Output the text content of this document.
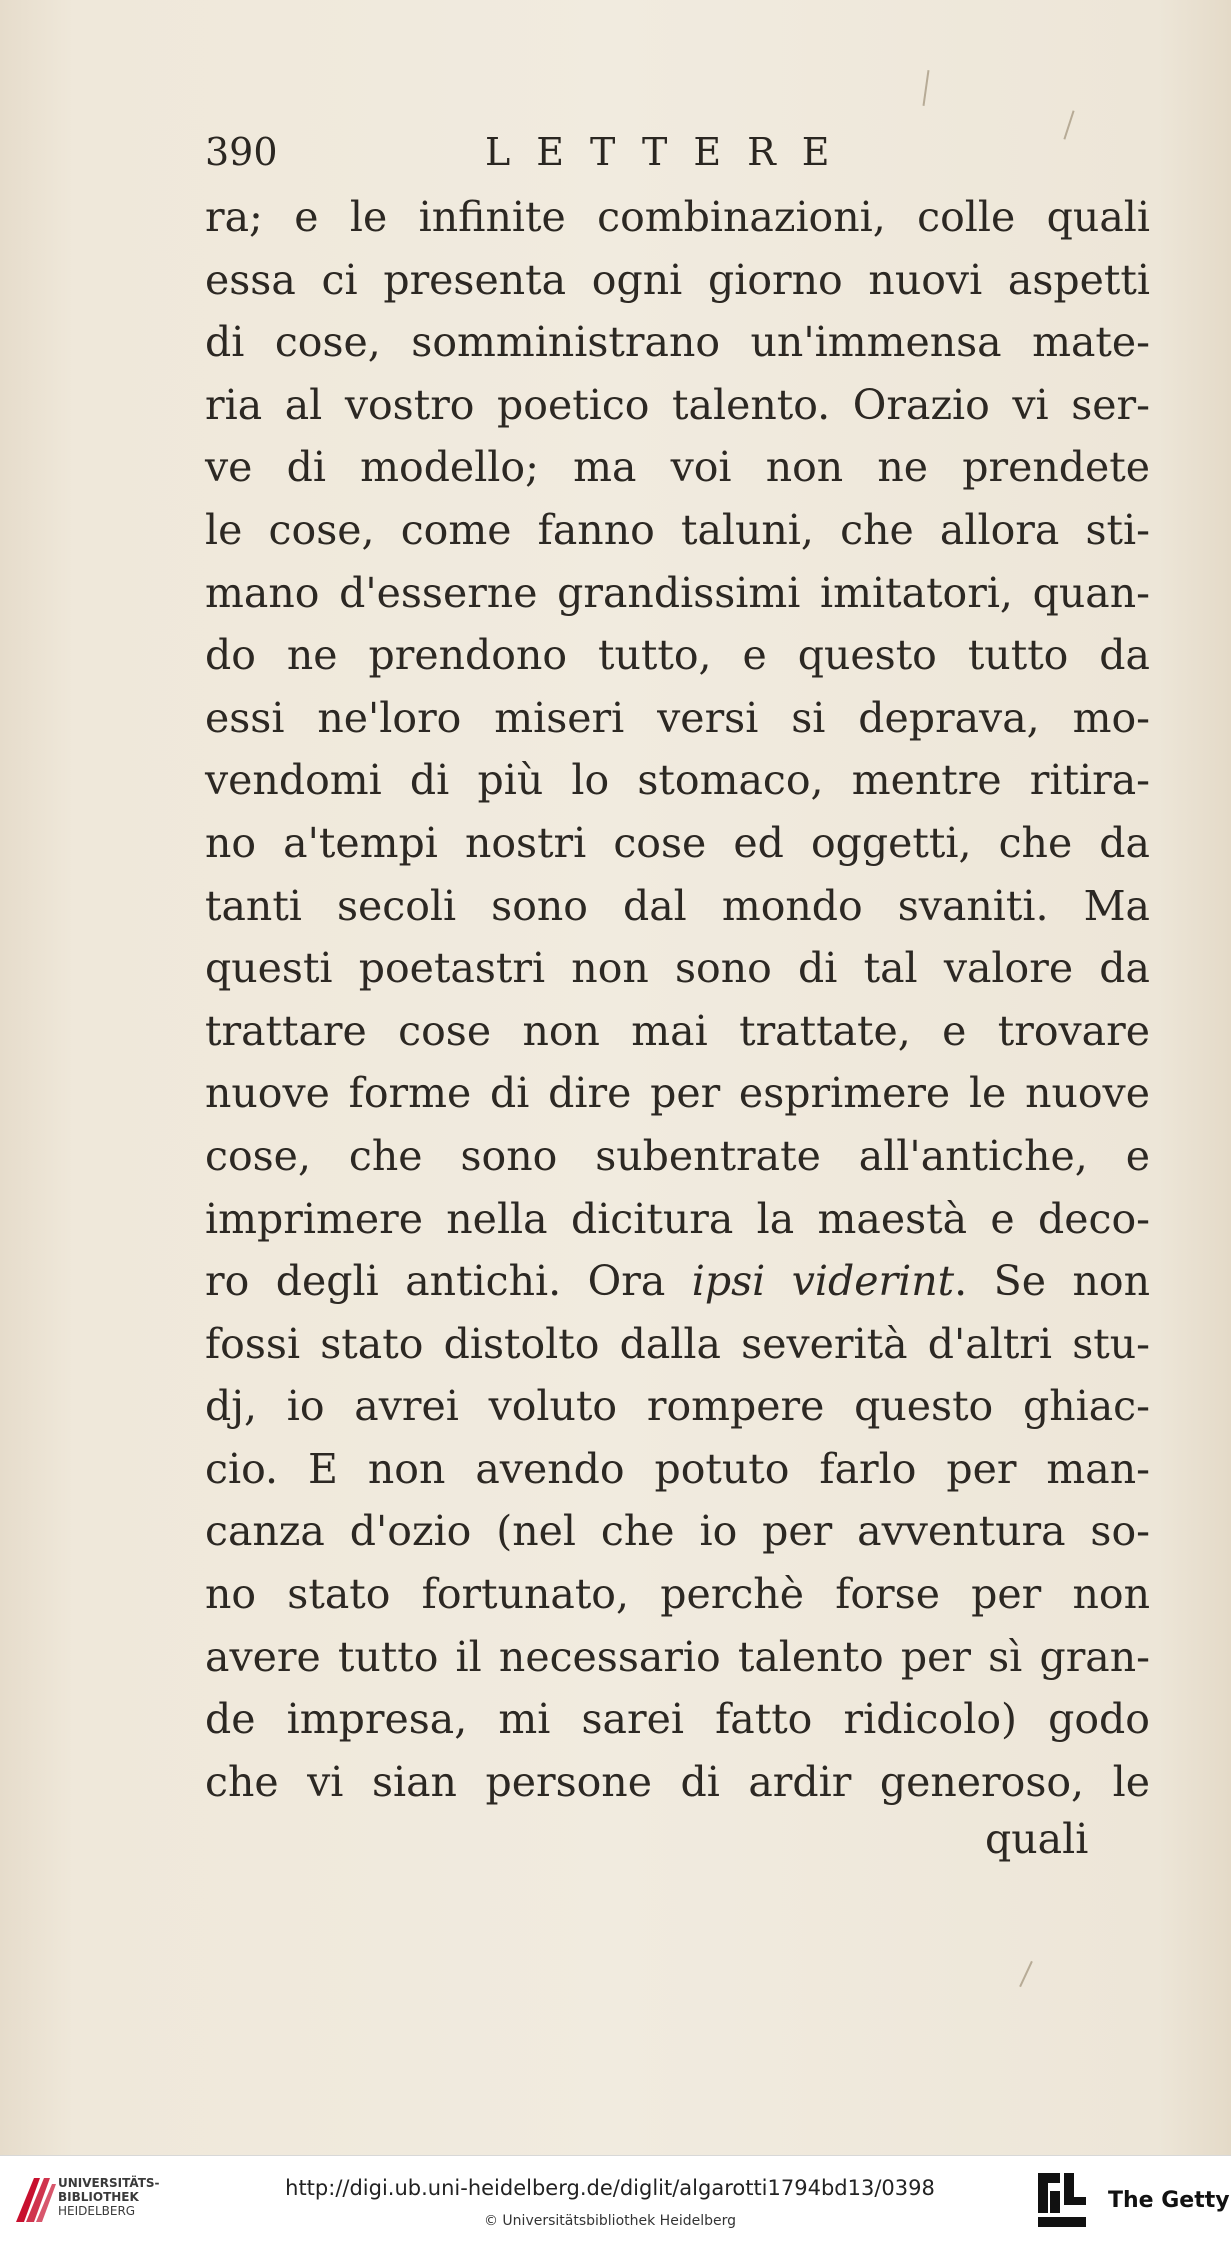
390	LETTERE
ra; e le infinite combinazioni, colle quali
essa ci presenta ogni giorno nuovi aspetti
di cose, somministrano un'immensa mate-
ria al vostro poetico talento. Orazio vi ser-
ve di modello; ma voi non ne prendete
le cose, come fanno taluni, che allora sti-
mano d'esserne grandissimi imitatori, quan-
do ne prendono tutto, e questo tutto da
essi ne'loro miseri versi si deprava, mo-
vendomi di più lo stomaco, mentre ritira-
no a'tempi nostri cose ed oggetti, che da
tanti secoli sono dal mondo svaniti. Ma
questi poetastri non sono di tal valore da
trattare cose non mai trattate, e trovare
nuove forme di dire per esprimere le nuove
cose, che sono subentrate all'antiche, e
imprimere nella dicitura la maestà e deco-
ro degli antichi. Ora ipsi viderint. Se non
fossi stato distolto dalla severità d'altri stu-
dj, io avrei voluto rompere questo ghiac-
cio. E non avendo potuto farlo per man-
canza d'ozio (nel che io per avventura so-
no stato fortunato, perchè forse per non
avere tutto il necessario talento per sì gran-
de impresa, mi sarei fatto ridicolo) godo
che vi sian persone di ardir generoso, le
quali
UNIVERSITÄTS-
BIBLIOTHEK
HEIDELBERG
http://digi.ub.uni-heidelberg.de/diglit/algarotti1794bd13/0398
© Universitätsbibliothek Heidelberg
The Getty
